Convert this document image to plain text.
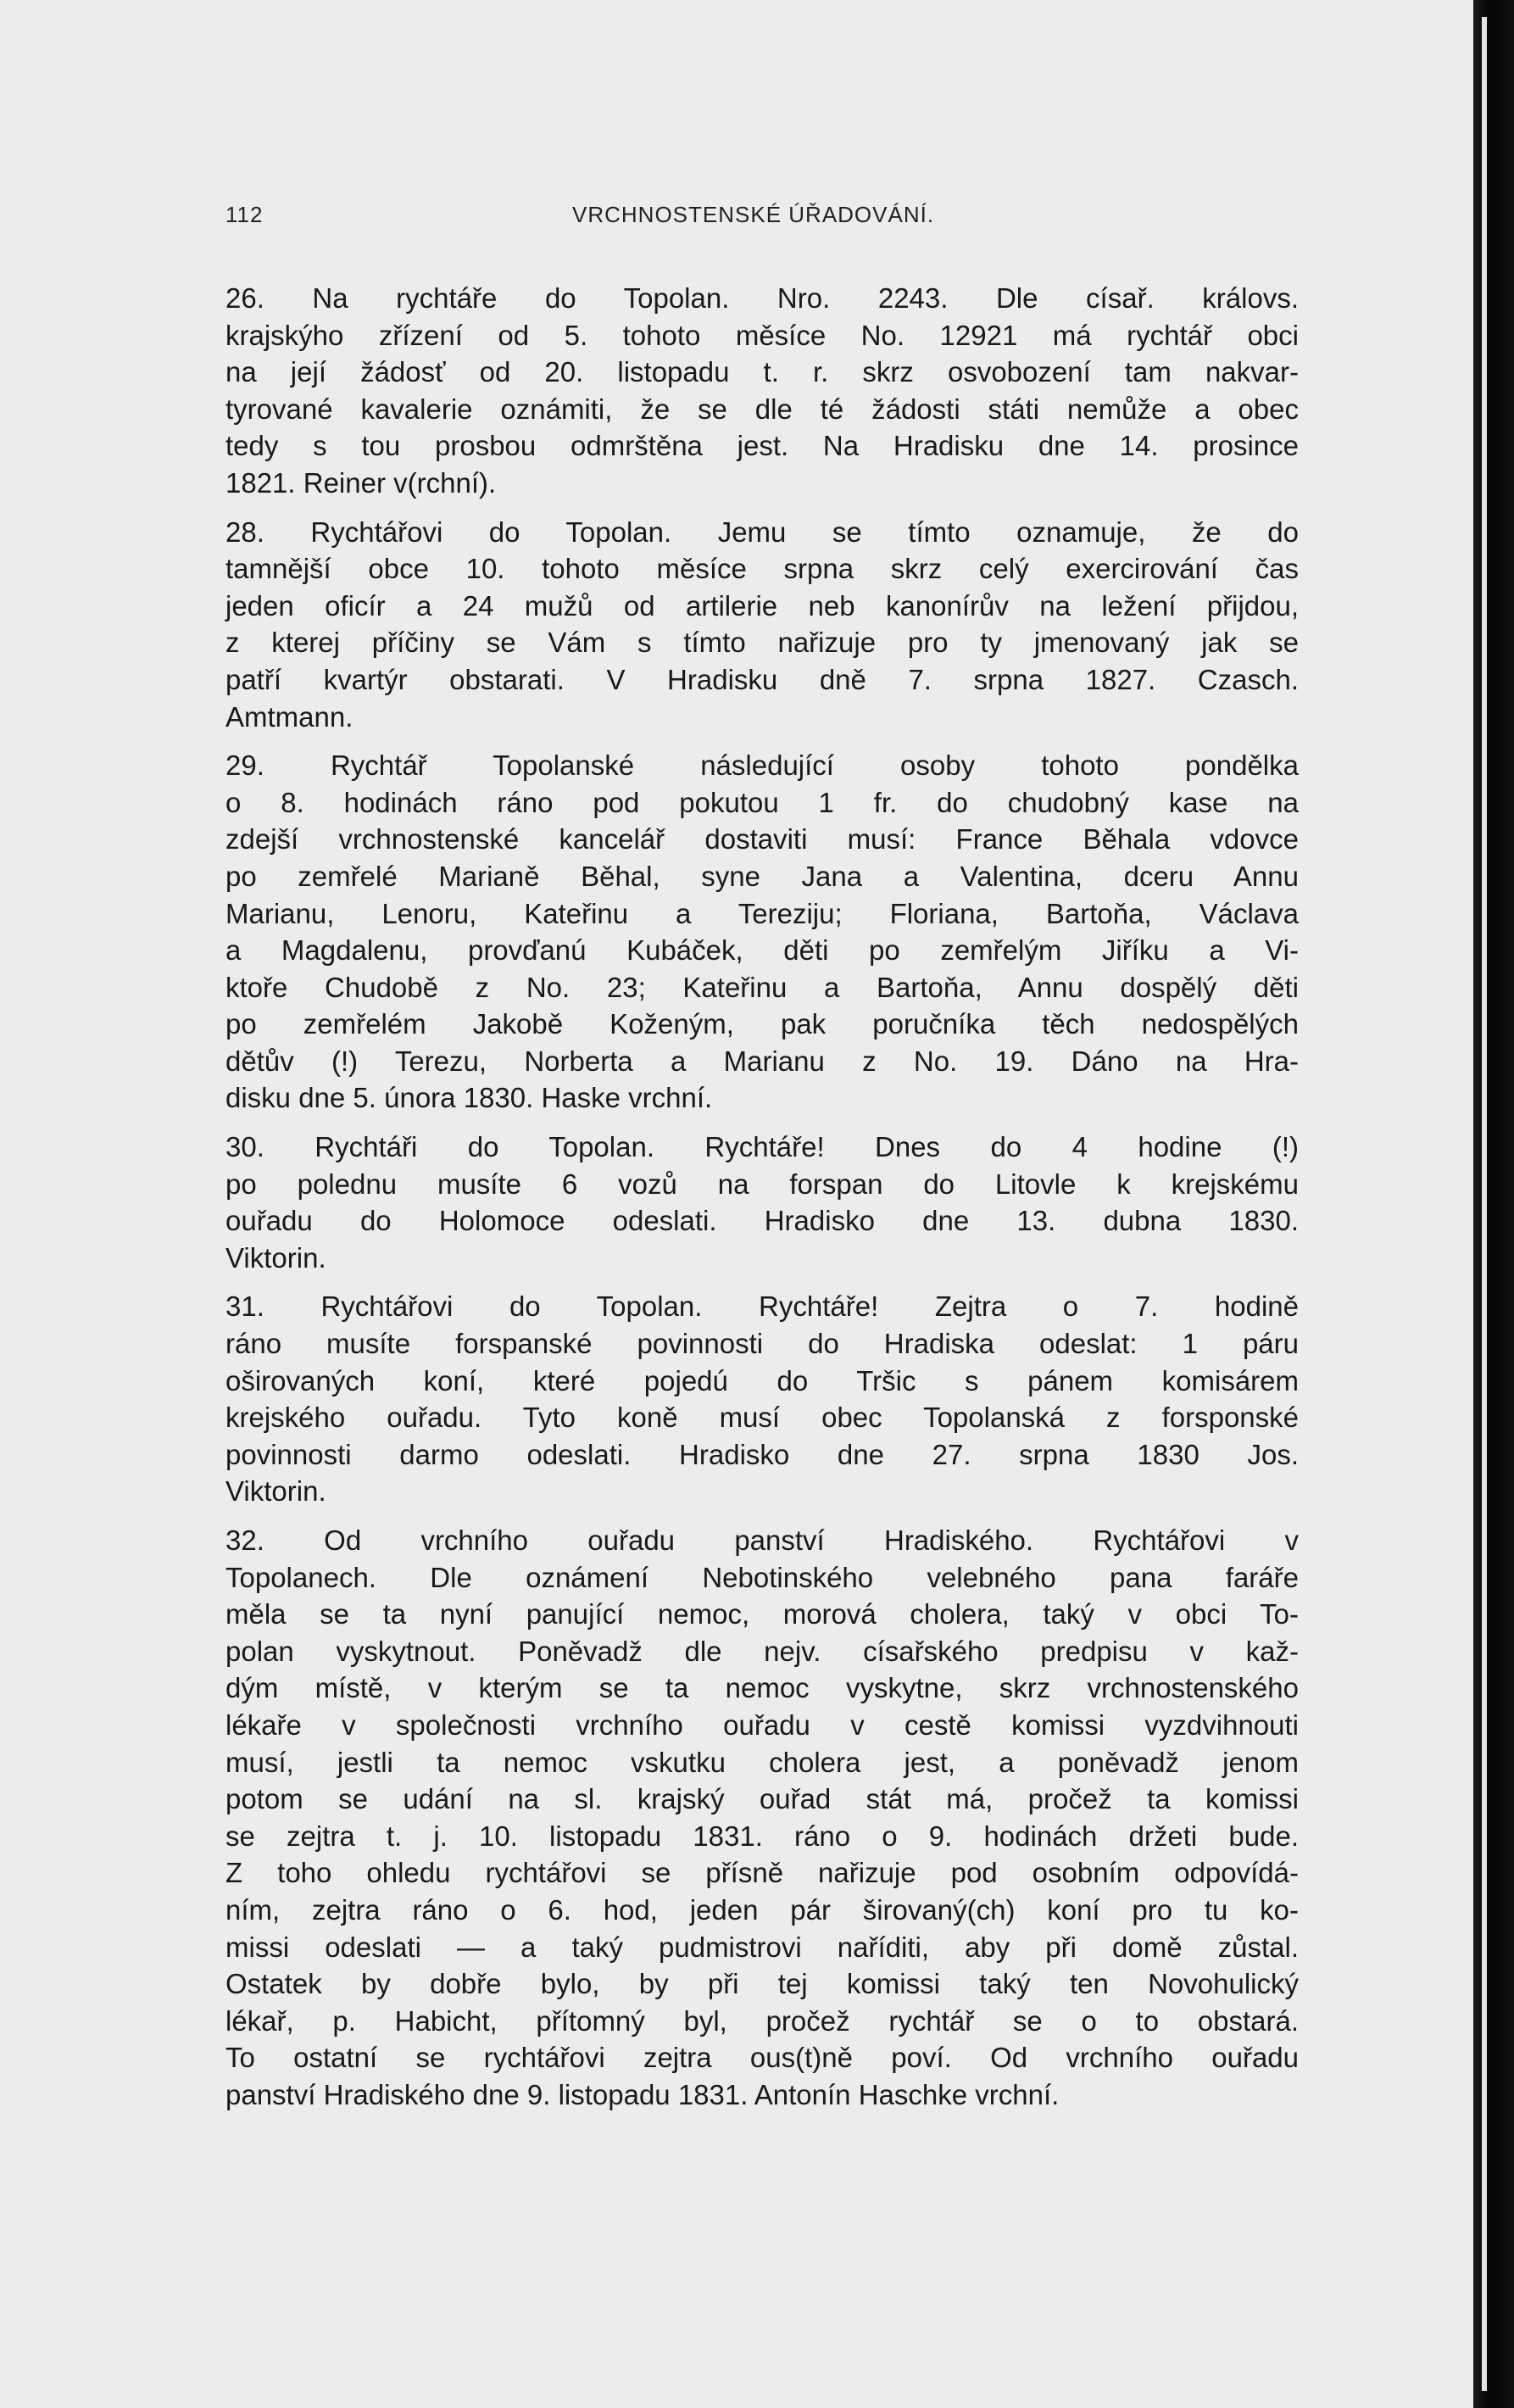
112	VRCHNOSTENSKÉ ÚŘADOVÁNÍ.
26. Na rychtáře do Topolan. Nro. 2243. Dle císař. královs.
krajskýho zřízení od 5. tohoto měsíce No. 12921 má rychtář obci
na její žádosť od 20. listopadu t. r. skrz osvobození tam nakvar-
tyrované kavalerie oznámiti, že se dle té žádosti státi nemůže a obec
tedy s tou prosbou odmrštěna jest. Na Hradisku dne 14. prosince
1821. Reiner v(rchní).
28. Rychtářovi do Topolan. Jemu se tímto oznamuje, že do
tamnější obce 10. tohoto měsíce srpna skrz celý exercirování čas
jeden oficír a 24 mužů od artilerie neb kanonírův na ležení přijdou,
z kterej příčiny se Vám s tímto nařizuje pro ty jmenovaný jak se
patří kvartýr obstarati. V Hradisku dně 7. srpna 1827. Czasch.
Amtmann.
29. Rychtář Topolanské následující osoby tohoto pondělka
o 8. hodinách ráno pod pokutou 1 fr. do chudobný kase na
zdejší vrchnostenské kancelář dostaviti musí: France Běhala vdovce
po zemřelé Marianě Běhal, syne Jana a Valentina, dceru Annu
Marianu, Lenoru, Kateřinu a Tereziju; Floriana, Bartoňa, Václava
a Magdalenu, provďanú Kubáček, děti po zemřelým Jiříku a Vi-
ktoře Chudobě z No. 23; Kateřinu a Bartoňa, Annu dospělý děti
po zemřelém Jakobě Koženým, pak poručníka těch nedospělých
dětův (!) Terezu, Norberta a Marianu z No. 19. Dáno na Hra-
disku dne 5. února 1830. Haske vrchní.
30. Rychtáři do Topolan. Rychtáře! Dnes do 4 hodine (!)
po polednu musíte 6 vozů na forspan do Litovle k krejskému
ouřadu do Holomoce odeslati. Hradisko dne 13. dubna 1830.
Viktorin.
31. Rychtářovi do Topolan. Rychtáře! Zejtra o 7. hodině
ráno musíte forspanské povinnosti do Hradiska odeslat: 1 páru
oširovaných koní, které pojedú do Tršic s pánem komisárem
krejského ouřadu. Tyto koně musí obec Topolanská z forsponské
povinnosti darmo odeslati. Hradisko dne 27. srpna 1830 Jos.
Viktorin.
32. Od vrchního ouřadu panství Hradiského. Rychtářovi v
Topolanech. Dle oznámení Nebotinského velebného pana faráře
měla se ta nyní panující nemoc, morová cholera, taký v obci To-
polan vyskytnout. Poněvadž dle nejv. císařského predpisu v kaž-
dým místě, v kterým se ta nemoc vyskytne, skrz vrchnostenského
lékaře v společnosti vrchního ouřadu v cestě komissi vyzdvihnouti
musí, jestli ta nemoc vskutku cholera jest, a poněvadž jenom
potom se udání na sl. krajský ouřad stát má, pročež ta komissi
se zejtra t. j. 10. listopadu 1831. ráno o 9. hodinách držeti bude.
Z toho ohledu rychtářovi se přísně nařizuje pod osobním odpovídá-
ním, zejtra ráno o 6. hod, jeden pár širovaný(ch) koní pro tu ko-
missi odeslati — a taký pudmistrovi naříditi, aby při domě zůstal.
Ostatek by dobře bylo, by při tej komissi taký ten Novohulický
lékař, p. Habicht, přítomný byl, pročež rychtář se o to obstará.
To ostatní se rychtářovi zejtra ous(t)ně poví. Od vrchního ouřadu
panství Hradiského dne 9. listopadu 1831. Antonín Haschke vrchní.
